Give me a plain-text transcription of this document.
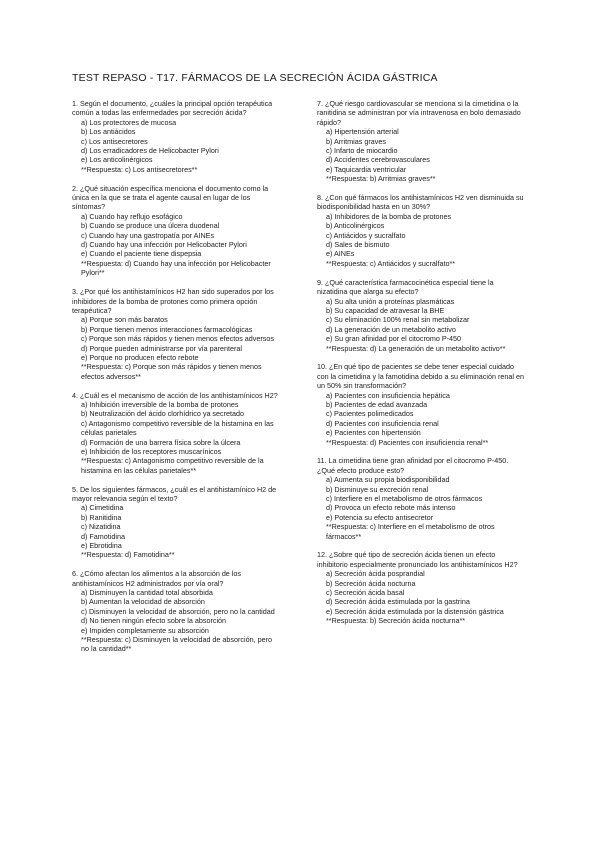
TEST REPASO - T17. FÁRMACOS DE LA SECRECIÓN ÁCIDA GÁSTRICA
1. Según el documento, ¿cuáles la principal opción terapéutica común a todas las enfermedades por secreción ácida?
a) Los protectores de mucosa
b) Los antiácidos
c) Los antisecretores
d) Los erradicadores de Helicobacter Pylori
e) Los anticolinérgicos
**Respuesta: c) Los antisecretores**
2. ¿Qué situación específica menciona el documento como la única en la que se trata el agente causal en lugar de los síntomas?
a) Cuando hay reflujo esofágico
b) Cuando se produce una úlcera duodenal
c) Cuando hay una gastropatía por AINEs
d) Cuando hay una infección por Helicobacter Pylori
e) Cuando el paciente tiene dispepsia
**Respuesta: d) Cuando hay una infección por Helicobacter Pylori**
3. ¿Por qué los antihistamínicos H2 han sido superados por los inhibidores de la bomba de protones como primera opción terapéutica?
a) Porque son más baratos
b) Porque tienen menos interacciones farmacológicas
c) Porque son más rápidos y tienen menos efectos adversos
d) Porque pueden administrarse por vía parenteral
e) Porque no producen efecto rebote
**Respuesta: c) Porque son más rápidos y tienen menos efectos adversos**
4. ¿Cuál es el mecanismo de acción de los antihistamínicos H2?
a) Inhibición irreversible de la bomba de protones
b) Neutralización del ácido clorhídrico ya secretado
c) Antagonismo competitivo reversible de la histamina en las células parietales
d) Formación de una barrera física sobre la úlcera
e) Inhibición de los receptores muscarínicos
**Respuesta: c) Antagonismo competitivo reversible de la histamina en las células parietales**
5. De los siguientes fármacos, ¿cuál es el antihistamínico H2 de mayor relevancia según el texto?
a) Cimetidina
b) Ranitidina
c) Nizatidina
d) Famotidina
e) Ebrotidina
**Respuesta: d) Famotidina**
6. ¿Cómo afectan los alimentos a la absorción de los antihistamínicos H2 administrados por vía oral?
a) Disminuyen la cantidad total absorbida
b) Aumentan la velocidad de absorción
c) Disminuyen la velocidad de absorción, pero no la cantidad
d) No tienen ningún efecto sobre la absorción
e) Impiden completamente su absorción
**Respuesta: c) Disminuyen la velocidad de absorción, pero no la cantidad**
7. ¿Qué riesgo cardiovascular se menciona si la cimetidina o la ranitidina se administran por vía intravenosa en bolo demasiado rápido?
a) Hipertensión arterial
b) Arritmias graves
c) Infarto de miocardio
d) Accidentes cerebrovasculares
e) Taquicardia ventricular
**Respuesta: b) Arritmias graves**
8. ¿Con qué fármacos los antihistamínicos H2 ven disminuida su biodisponibilidad hasta en un 30%?
a) Inhibidores de la bomba de protones
b) Anticolinérgicos
c) Antiácidos y sucralfato
d) Sales de bismuto
e) AINEs
**Respuesta: c) Antiácidos y sucralfato**
9. ¿Qué característica farmacocinética especial tiene la nizatidina que alarga su efecto?
a) Su alta unión a proteínas plasmáticas
b) Su capacidad de atravesar la BHE
c) Su eliminación 100% renal sin metabolizar
d) La generación de un metabolito activo
e) Su gran afinidad por el citocromo P-450
**Respuesta: d) La generación de un metabolito activo**
10. ¿En qué tipo de pacientes se debe tener especial cuidado con la cimetidina y la famotidina debido a su eliminación renal en un 50% sin transformación?
a) Pacientes con insuficiencia hepática
b) Pacientes de edad avanzada
c) Pacientes polimedicados
d) Pacientes con insuficiencia renal
e) Pacientes con hipertensión
**Respuesta: d) Pacientes con insuficiencia renal**
11. La cimetidina tiene gran afinidad por el citocromo P-450. ¿Qué efecto produce esto?
a) Aumenta su propia biodisponibilidad
b) Disminuye su excreción renal
c) Interfiere en el metabolismo de otros fármacos
d) Provoca un efecto rebote más intenso
e) Potencia su efecto antisecretor
**Respuesta: c) Interfiere en el metabolismo de otros fármacos**
12. ¿Sobre qué tipo de secreción ácida tienen un efecto inhibitorio especialmente pronunciado los antihistamínicos H2?
a) Secreción ácida posprandial
b) Secreción ácida nocturna
c) Secreción ácida basal
d) Secreción ácida estimulada por la gastrina
e) Secreción ácida estimulada por la distensión gástrica
**Respuesta: b) Secreción ácida nocturna**
